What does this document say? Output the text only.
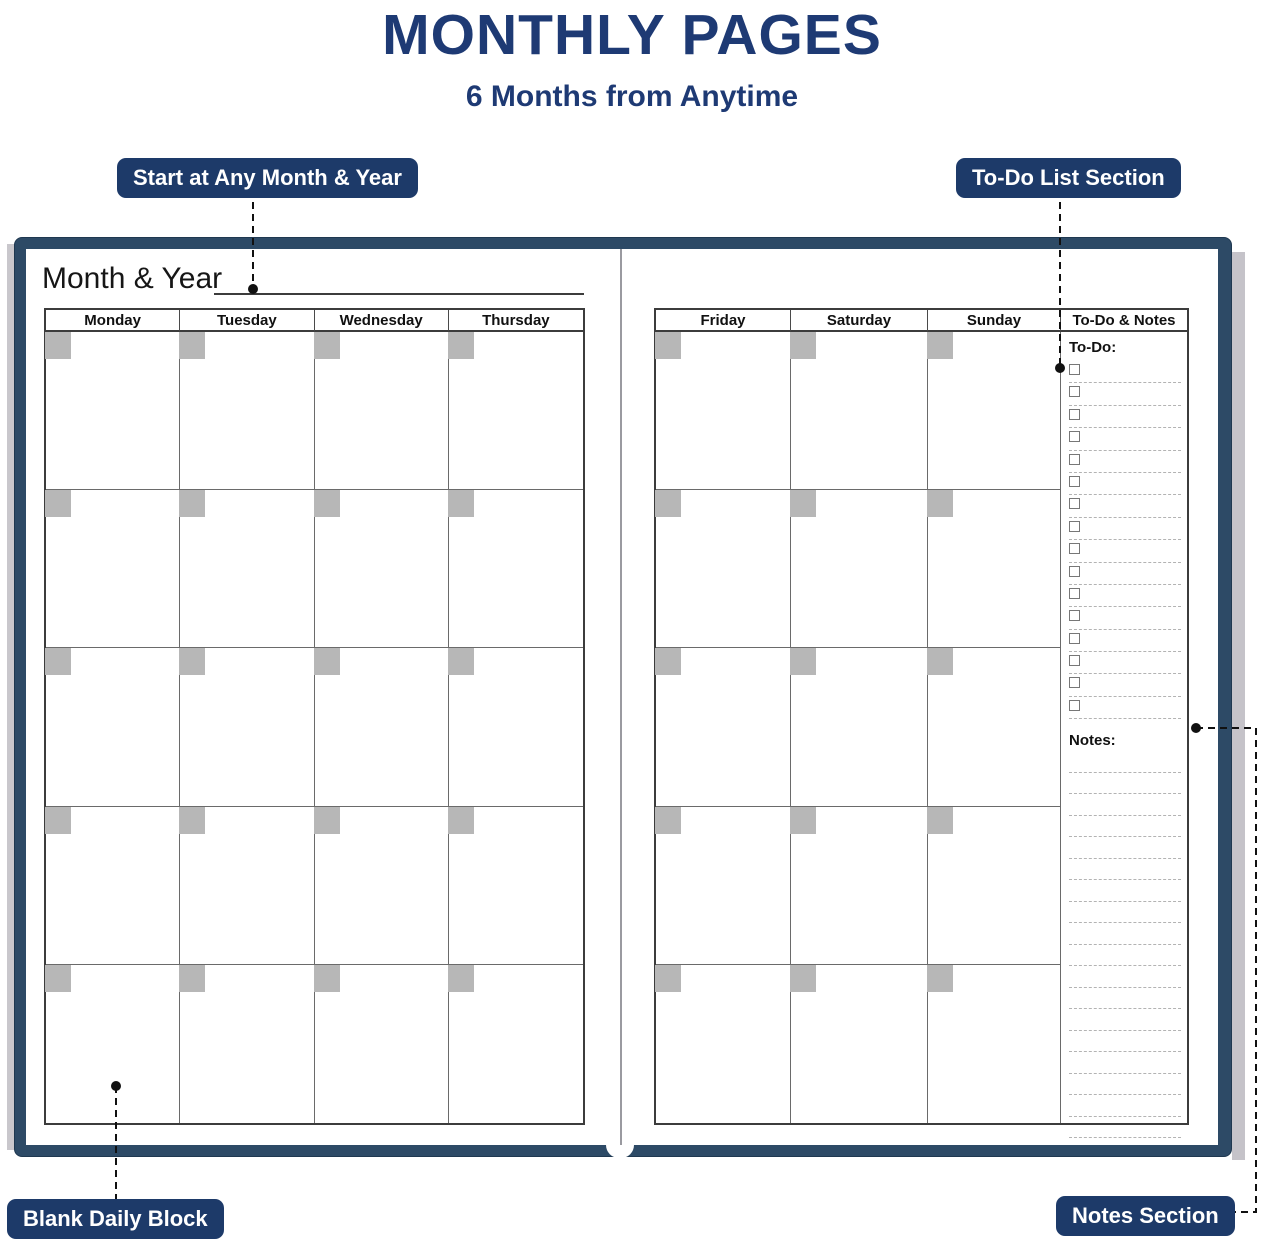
MONTHLY PAGES
6 Months from Anytime
Month & Year
Monday	Tuesday	Wednesday	Thursday	Friday	Saturday	Sunday	To-Do & Notes
To-Do:
Notes:
Start at Any Month & Year	To-Do List Section
Blank Daily Block	Notes Section
